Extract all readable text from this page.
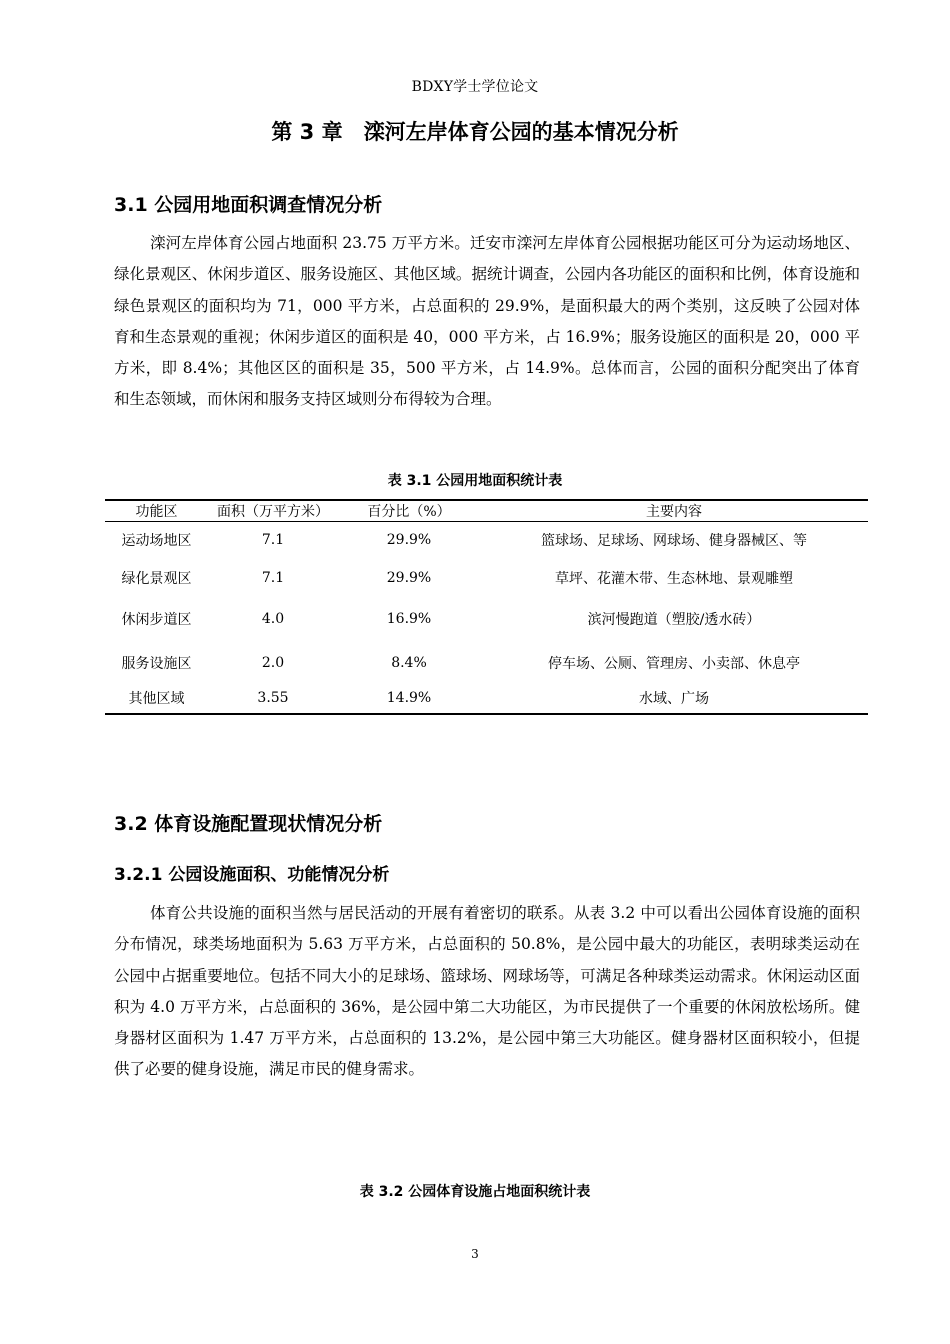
BDXY学士学位论文
第 3 章　滦河左岸体育公园的基本情况分析
3.1 公园用地面积调查情况分析

滦河左岸体育公园占地面积 23.75 万平方米。迁安市滦河左岸体育公园根据功能区可分为运动场地区、绿化景观区、休闲步道区、服务设施区、其他区域。据统计调查，公园内各功能区的面积和比例，体育设施和绿色景观区的面积均为 71，000 平方米，占总面积的 29.9%，是面积最大的两个类别，这反映了公园对体育和生态景观的重视；休闲步道区的面积是 40，000 平方米，占 16.9%；服务设施区的面积是 20，000 平方米，即 8.4%；其他区区的面积是 35，500 平方米，占 14.9%。总体而言，公园的面积分配突出了体育和生态领域，而休闲和服务支持区域则分布得较为合理。

表 3.1 公园用地面积统计表
功能区	面积（万平方米）	百分比（%）	主要内容
运动场地区	7.1	29.9%	篮球场、足球场、网球场、健身器械区、等
绿化景观区	7.1	29.9%	草坪、花灌木带、生态林地、景观雕塑
休闲步道区	4.0	16.9%	滨河慢跑道（塑胶/透水砖）
服务设施区	2.0	8.4%	停车场、公厕、管理房、小卖部、休息亭
其他区域	3.55	14.9%	水域、广场
3.2 体育设施配置现状情况分析
3.2.1 公园设施面积、功能情况分析

体育公共设施的面积当然与居民活动的开展有着密切的联系。从表 3.2 中可以看出公园体育设施的面积分布情况，球类场地面积为 5.63 万平方米，占总面积的 50.8%，是公园中最大的功能区，表明球类运动在公园中占据重要地位。包括不同大小的足球场、篮球场、网球场等，可满足各种球类运动需求。休闲运动区面积为 4.0 万平方米，占总面积的 36%，是公园中第二大功能区，为市民提供了一个重要的休闲放松场所。健身器材区面积为 1.47 万平方米，占总面积的 13.2%，是公园中第三大功能区。健身器材区面积较小，但提供了必要的健身设施，满足市民的健身需求。

表 3.2 公园体育设施占地面积统计表
3
